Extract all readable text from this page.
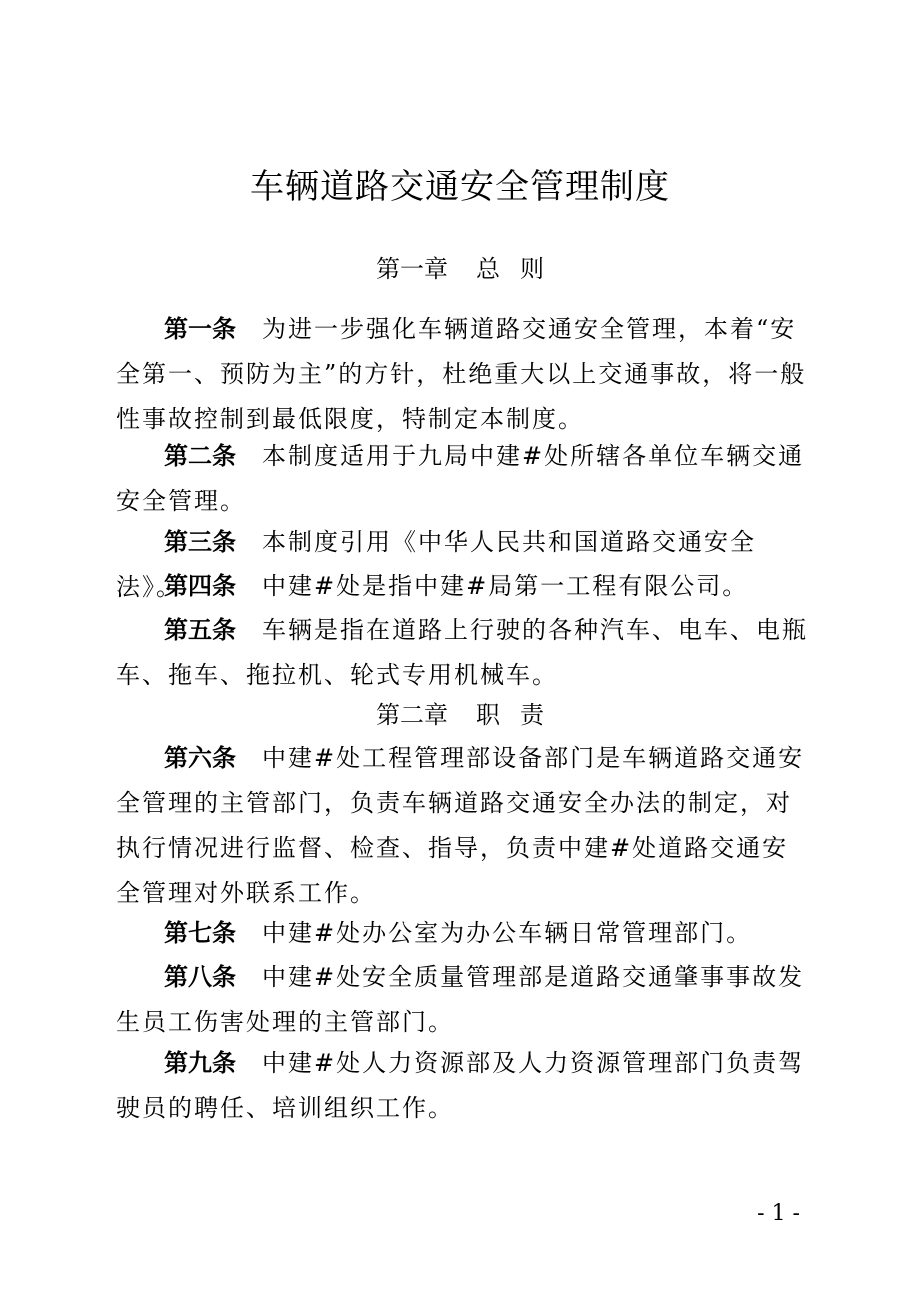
车辆道路交通安全管理制度
第一章 总 则
第一条 为进一步强化车辆道路交通安全管理，本着“安全第一、预防为主”的方针，杜绝重大以上交通事故，将一般性事故控制到最低限度，特制定本制度。
第二条 本制度适用于九局中建#处所辖各单位车辆交通安全管理。
第三条 本制度引用《中华人民共和国道路交通安全法》。
第四条 中建#处是指中建#局第一工程有限公司。
第五条 车辆是指在道路上行驶的各种汽车、电车、电瓶车、拖车、拖拉机、轮式专用机械车。
第二章 职 责
第六条 中建#处工程管理部设备部门是车辆道路交通安全管理的主管部门，负责车辆道路交通安全办法的制定，对执行情况进行监督、检查、指导，负责中建#处道路交通安全管理对外联系工作。
第七条 中建#处办公室为办公车辆日常管理部门。
第八条 中建#处安全质量管理部是道路交通肇事事故发生员工伤害处理的主管部门。
第九条 中建#处人力资源部及人力资源管理部门负责驾驶员的聘任、培训组织工作。
- 1 -
